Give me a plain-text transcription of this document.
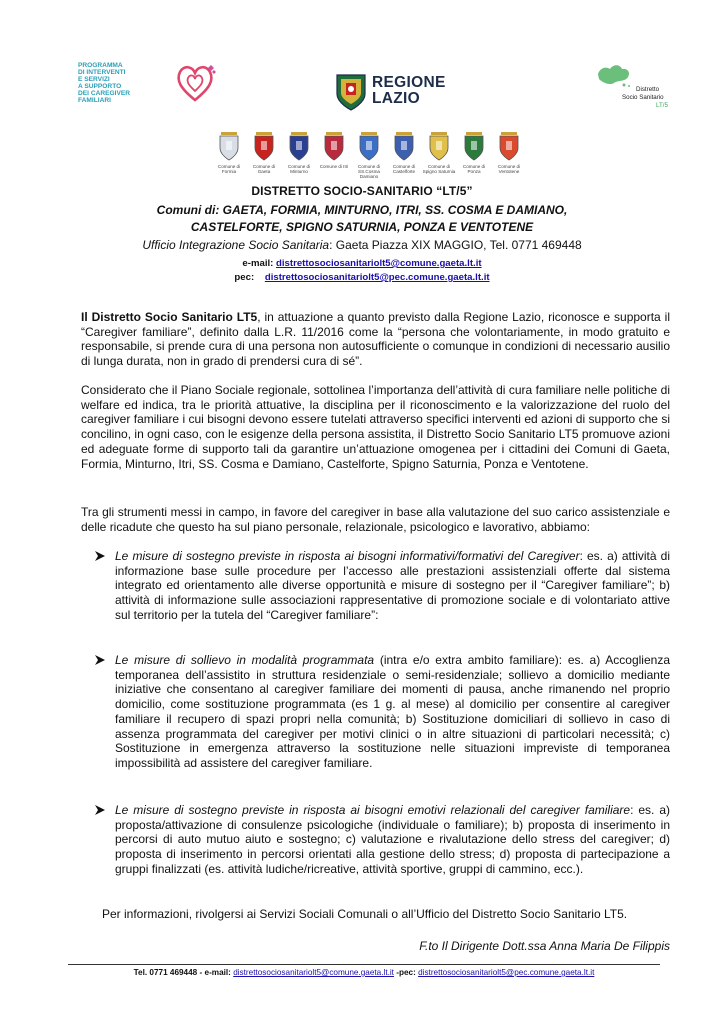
PROGRAMMA
DI INTERVENTI
E SERVIZI
A SUPPORTO
DEI CAREGIVER
FAMILIARI
REGIONE
LAZIO
Distretto
Socio Sanitario
LT/5
Comune di Formia
Comune di Gaeta
Comune di Minturno
Comune di Itri	Comune di SS.Cosma Damiano
Comune di Castelforte
Comune di Spigno Saturnia
Comune di Ponza
Comune di Ventotene
DISTRETTO SOCIO-SANITARIO “LT/5”
Comuni di: GAETA, FORMIA, MINTURNO, ITRI, SS. COSMA E DAMIANO,
CASTELFORTE, SPIGNO SATURNIA, PONZA E VENTOTENE
Ufficio Integrazione Socio Sanitaria: Gaeta Piazza XIX MAGGIO, Tel. 0771 469448
e-mail: distrettosociosanitariolt5@comune.gaeta.lt.it
pec: distrettosociosanitariolt5@pec.comune.gaeta.lt.it
Il Distretto Socio Sanitario LT5, in attuazione a quanto previsto dalla Regione Lazio, riconosce e supporta il “Caregiver familiare”, definito dalla L.R. 11/2016 come la “persona che volontariamente, in modo gratuito e responsabile, si prende cura di una persona non autosufficiente o comunque in condizioni di necessario ausilio di lunga durata, non in grado di prendersi cura di sé”.
Considerato che il Piano Sociale regionale, sottolinea l’importanza dell’attività di cura familiare nelle politiche di welfare ed indica, tra le priorità attuative, la disciplina per il riconoscimento e la valorizzazione del ruolo del caregiver familiare i cui bisogni devono essere tutelati attraverso specifici interventi ed azioni di supporto che si concilino, in ogni caso, con le esigenze della persona assistita, il Distretto Socio Sanitario LT5 promuove azioni ed adeguate forme di supporto tali da garantire un’attuazione omogenea per i cittadini dei Comuni di Gaeta, Formia, Minturno, Itri, SS. Cosma e Damiano, Castelforte, Spigno Saturnia, Ponza e Ventotene.
Tra gli strumenti messi in campo, in favore del caregiver in base alla valutazione del suo carico assistenziale e delle ricadute che questo ha sul piano personale, relazionale, psicologico e lavorativo, abbiamo:
Le misure di sostegno previste in risposta ai bisogni informativi/formativi del Caregiver: es. a) attività di informazione base sulle procedure per l’accesso alle prestazioni assistenziali offerte dal sistema integrato ed orientamento alle diverse opportunità e misure di sostegno per il “Caregiver familiare”; b) attività di informazione sulle associazioni rappresentative di promozione sociale e di volontariato attive sul territorio per la tutela del “Caregiver familiare”:
Le misure di sollievo in modalità programmata (intra e/o extra ambito familiare): es. a) Accoglienza temporanea dell’assistito in struttura residenziale o semi-residenziale; sollievo a domicilio mediante iniziative che consentano al caregiver familiare dei momenti di pausa, anche rimanendo nel proprio domicilio, come sostituzione programmata (es 1 g. al mese) al domicilio per consentire al caregiver familiare il recupero di spazi propri nella comunità; b) Sostituzione domiciliari di sollievo in caso di assenza programmata del caregiver per motivi clinici o in altre situazioni di particolari necessità; c) Sostituzione in emergenza attraverso la sostituzione nelle situazioni impreviste di temporanea impossibilità ad assistere del caregiver familiare.
Le misure di sostegno previste in risposta ai bisogni emotivi relazionali del caregiver familiare: es. a) proposta/attivazione di consulenze psicologiche (individuale o familiare); b) proposta di inserimento in percorsi di auto mutuo aiuto e sostegno; c) valutazione e rivalutazione dello stress del caregiver; d) proposta di inserimento in percorsi orientati alla gestione dello stress; d) proposta di partecipazione a gruppi finalizzati (es. attività ludiche/ricreative, attività sportive, gruppi di cammino, ecc.).
Per informazioni, rivolgersi ai Servizi Sociali Comunali o all’Ufficio del Distretto Socio Sanitario LT5.
F.to Il Dirigente Dott.ssa Anna Maria De Filippis
Tel. 0771 469448 - e-mail: distrettosociosanitariolt5@comune.gaeta.lt.it -pec: distrettosociosanitariolt5@pec.comune.gaeta.lt.it
